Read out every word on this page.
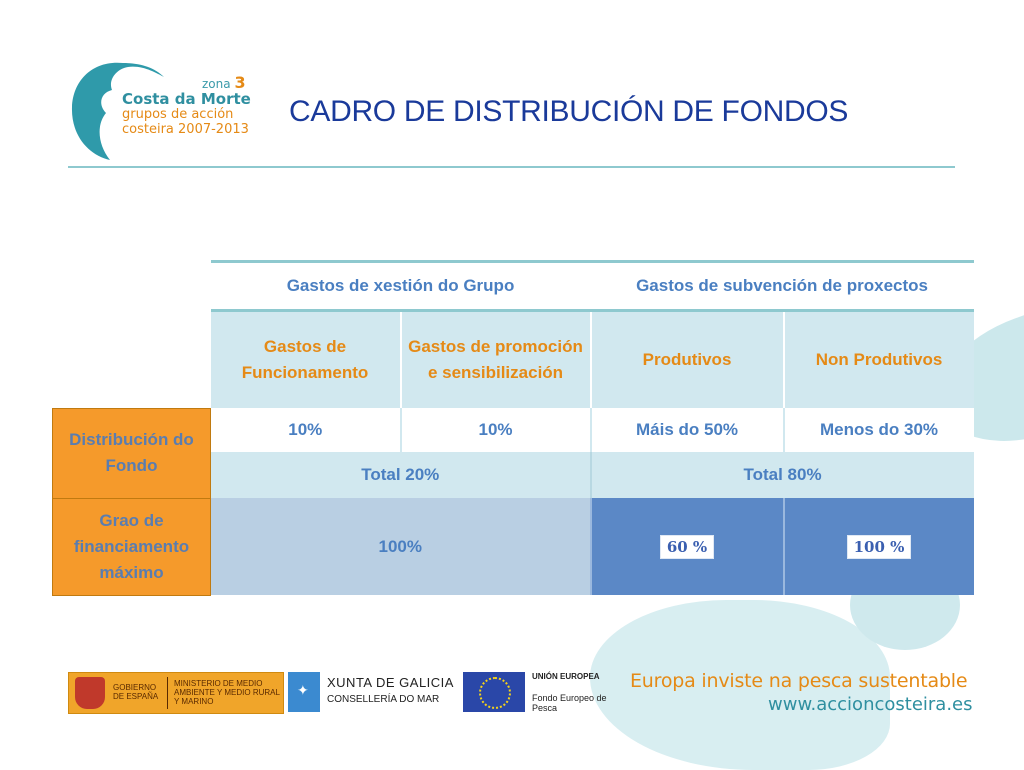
zona 3
Costa da Morte
grupos de acción
costeira 2007-2013
CADRO DE DISTRIBUCIÓN DE FONDOS
	Gastos de xestión do Grupo		Gastos de subvención de proxectos	
	Gastos de Funcionamento	Gastos de promoción e sensibilización	Produtivos	Non Produtivos
Distribución do Fondo	10%	10%	Máis do 50%	Menos do 30%
	Total 20%		Total 80%	
Grao de financiamento máximo	100%		60 %	100 %
GOBIERNO DE ESPAÑA
MINISTERIO DE MEDIO AMBIENTE Y MEDIO RURAL Y MARINO
✦
XUNTA DE GALICIA
CONSELLERÍA DO MAR
UNIÓN EUROPEA
Fondo Europeo de Pesca
Europa inviste na pesca sustentable
www.accioncosteira.es
